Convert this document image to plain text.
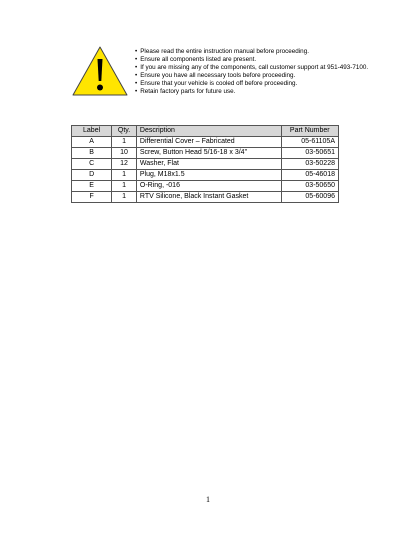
• Please read the entire instruction manual before proceeding.
• Ensure all components listed are present.
• If you are missing any of the components, call customer support at 951-493-7100.
• Ensure you have all necessary tools before proceeding.
• Ensure that your vehicle is cooled off before proceeding.
• Retain factory parts for future use.
Label	Qty.	Description	Part Number
A	1	Differential Cover – Fabricated	05-61105A
B	10	Screw, Button Head 5/16-18 x 3/4"	03-50651
C	12	Washer, Flat	03-50228
D	1	Plug, M18x1.5	05-46018
E	1	O-Ring, -016	03-50650
F	1	RTV Silicone, Black Instant Gasket	05-60096
1
